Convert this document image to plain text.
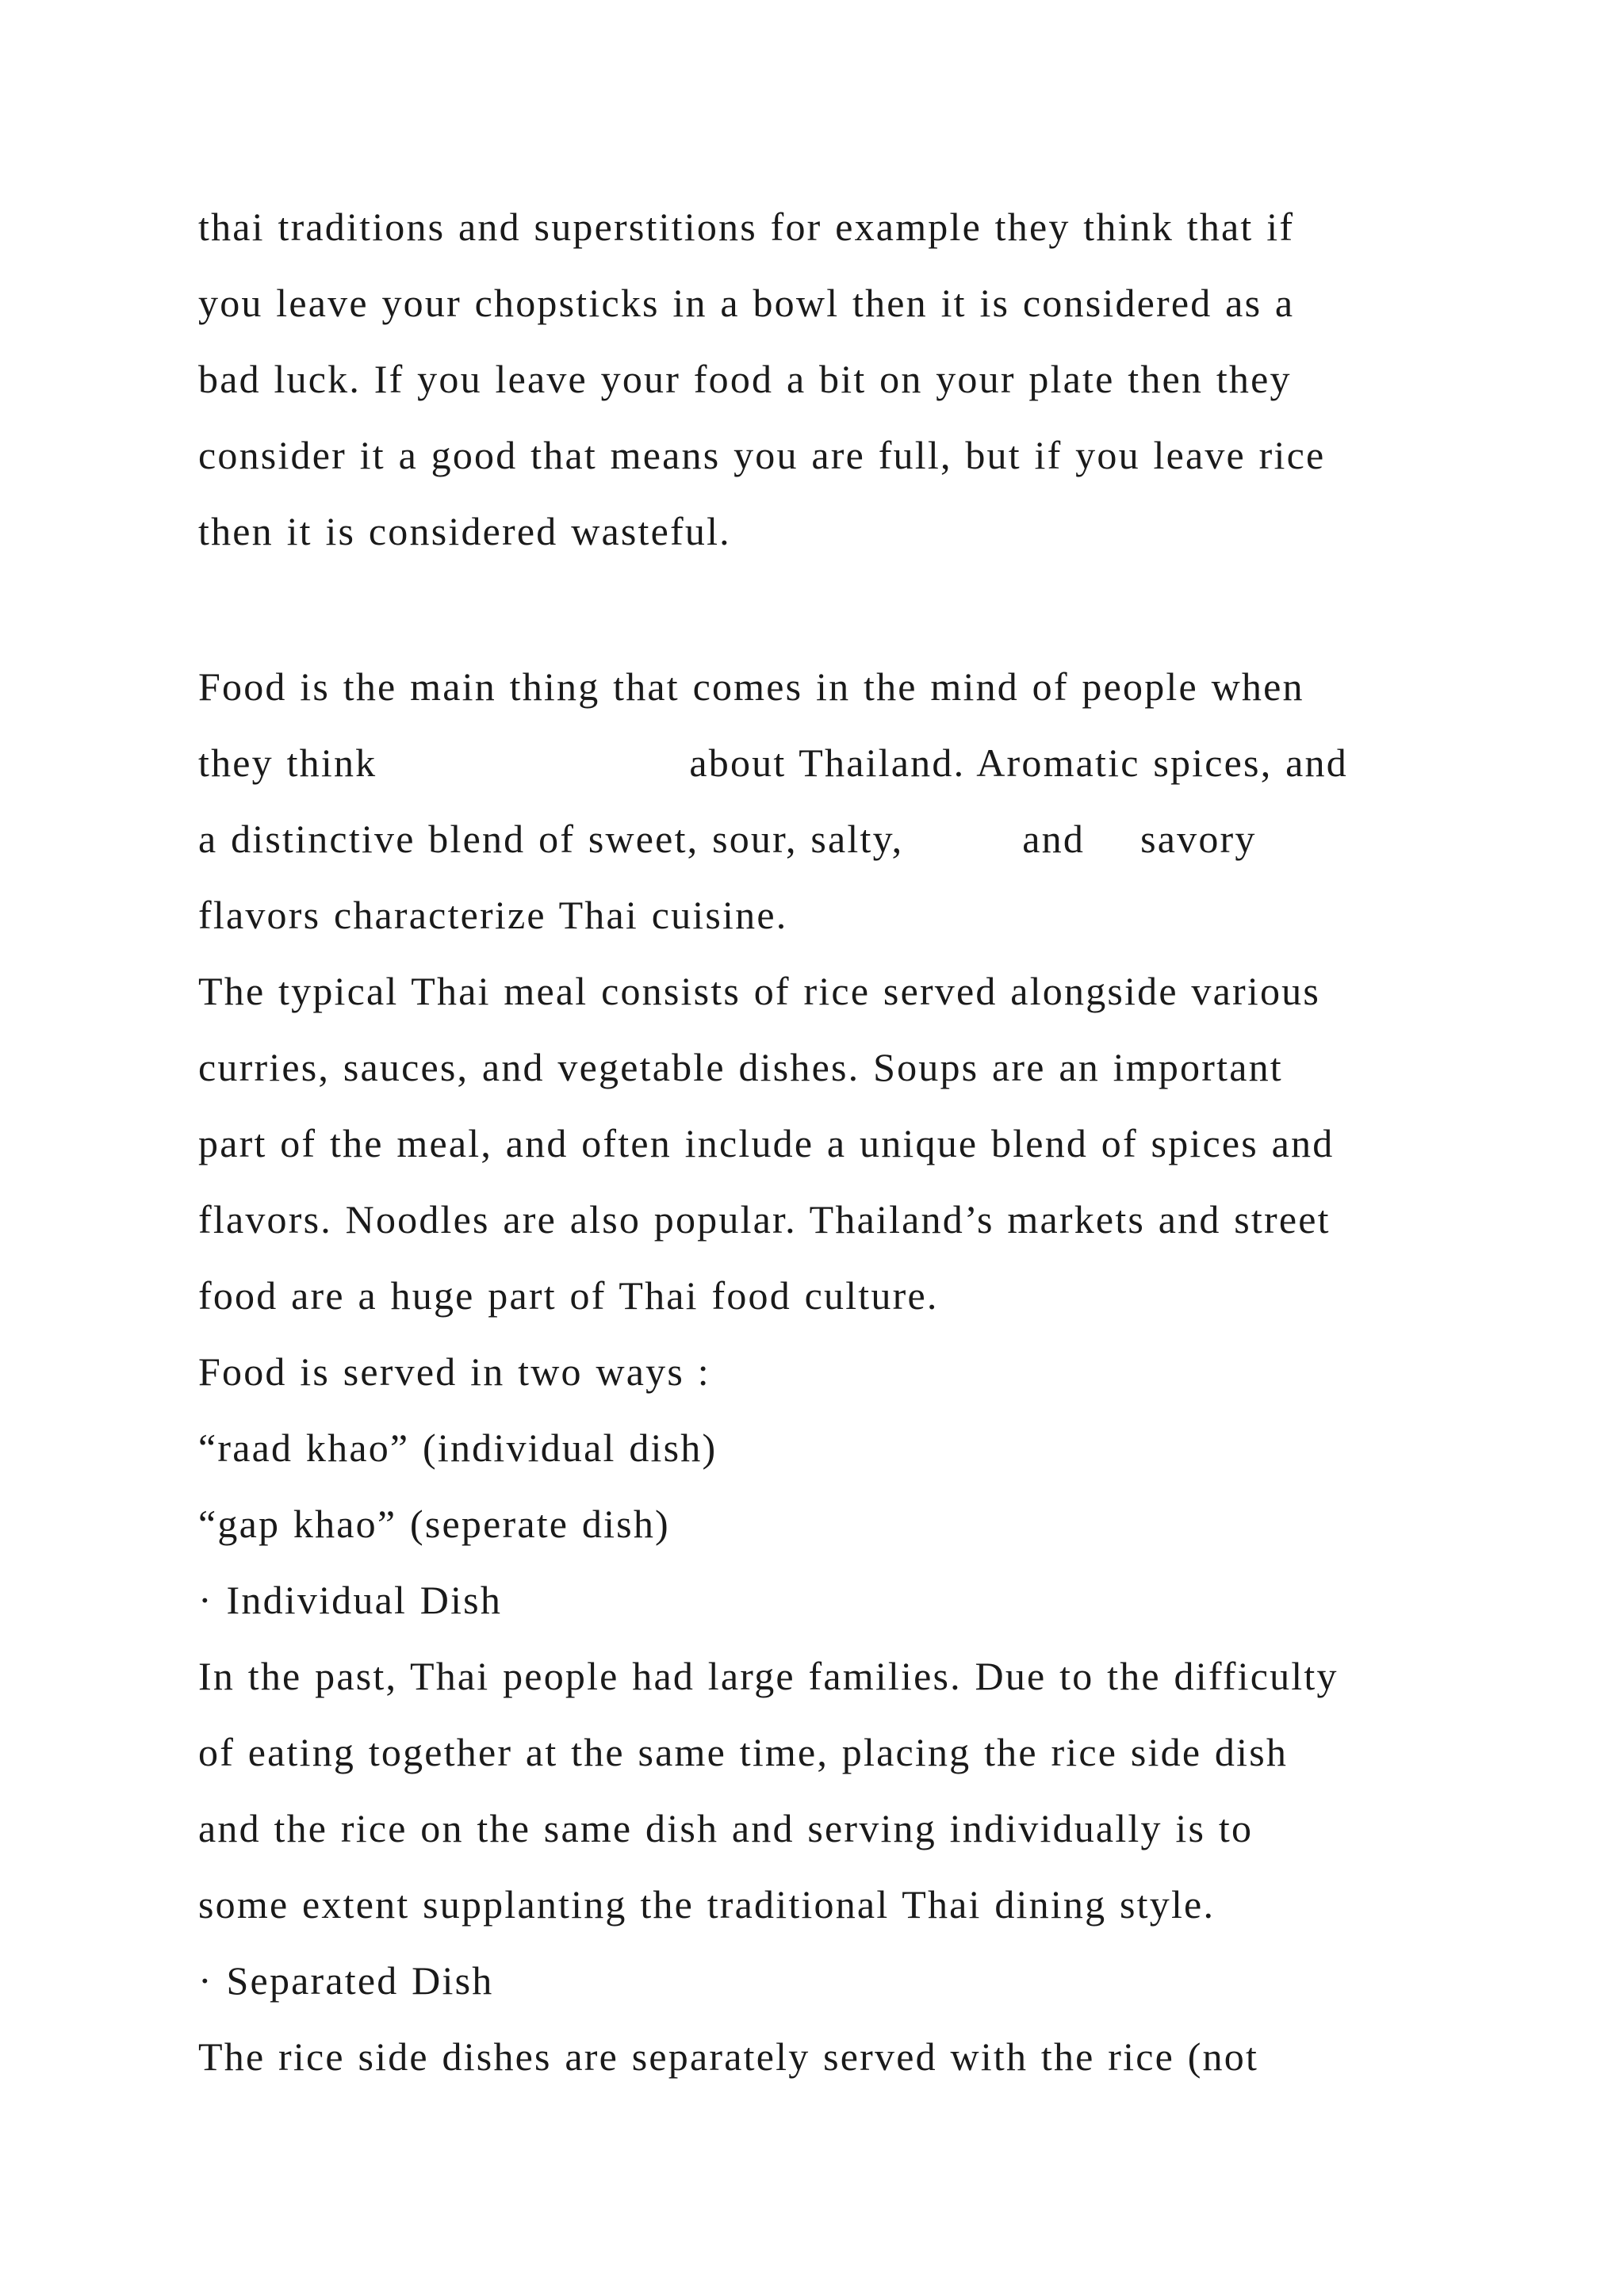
thai traditions and superstitions for example they think that if
you leave your chopsticks in a bowl then it is considered as a
bad luck. If you leave your food a bit on your plate then they
consider it a good that means you are full, but if you leave rice
then it is considered wasteful.
Food is the main thing that comes in the mind of people when
they think	about Thailand. Aromatic spices, and
a distinctive blend of sweet, sour, salty,	and savory
flavors characterize Thai cuisine.
The typical Thai meal consists of rice served alongside various
curries, sauces, and vegetable dishes. Soups are an important
part of the meal, and often include a unique blend of spices and
flavors. Noodles are also popular. Thailand’s markets and street
food are a huge part of Thai food culture.
Food is served in two ways :
“raad khao” (individual dish)
“gap khao” (seperate dish)
· Individual Dish
In the past, Thai people had large families. Due to the difficulty
of eating together at the same time, placing the rice side dish
and the rice on the same dish and serving individually is to
some extent supplanting the traditional Thai dining style.
· Separated Dish
The rice side dishes are separately served with the rice (not
